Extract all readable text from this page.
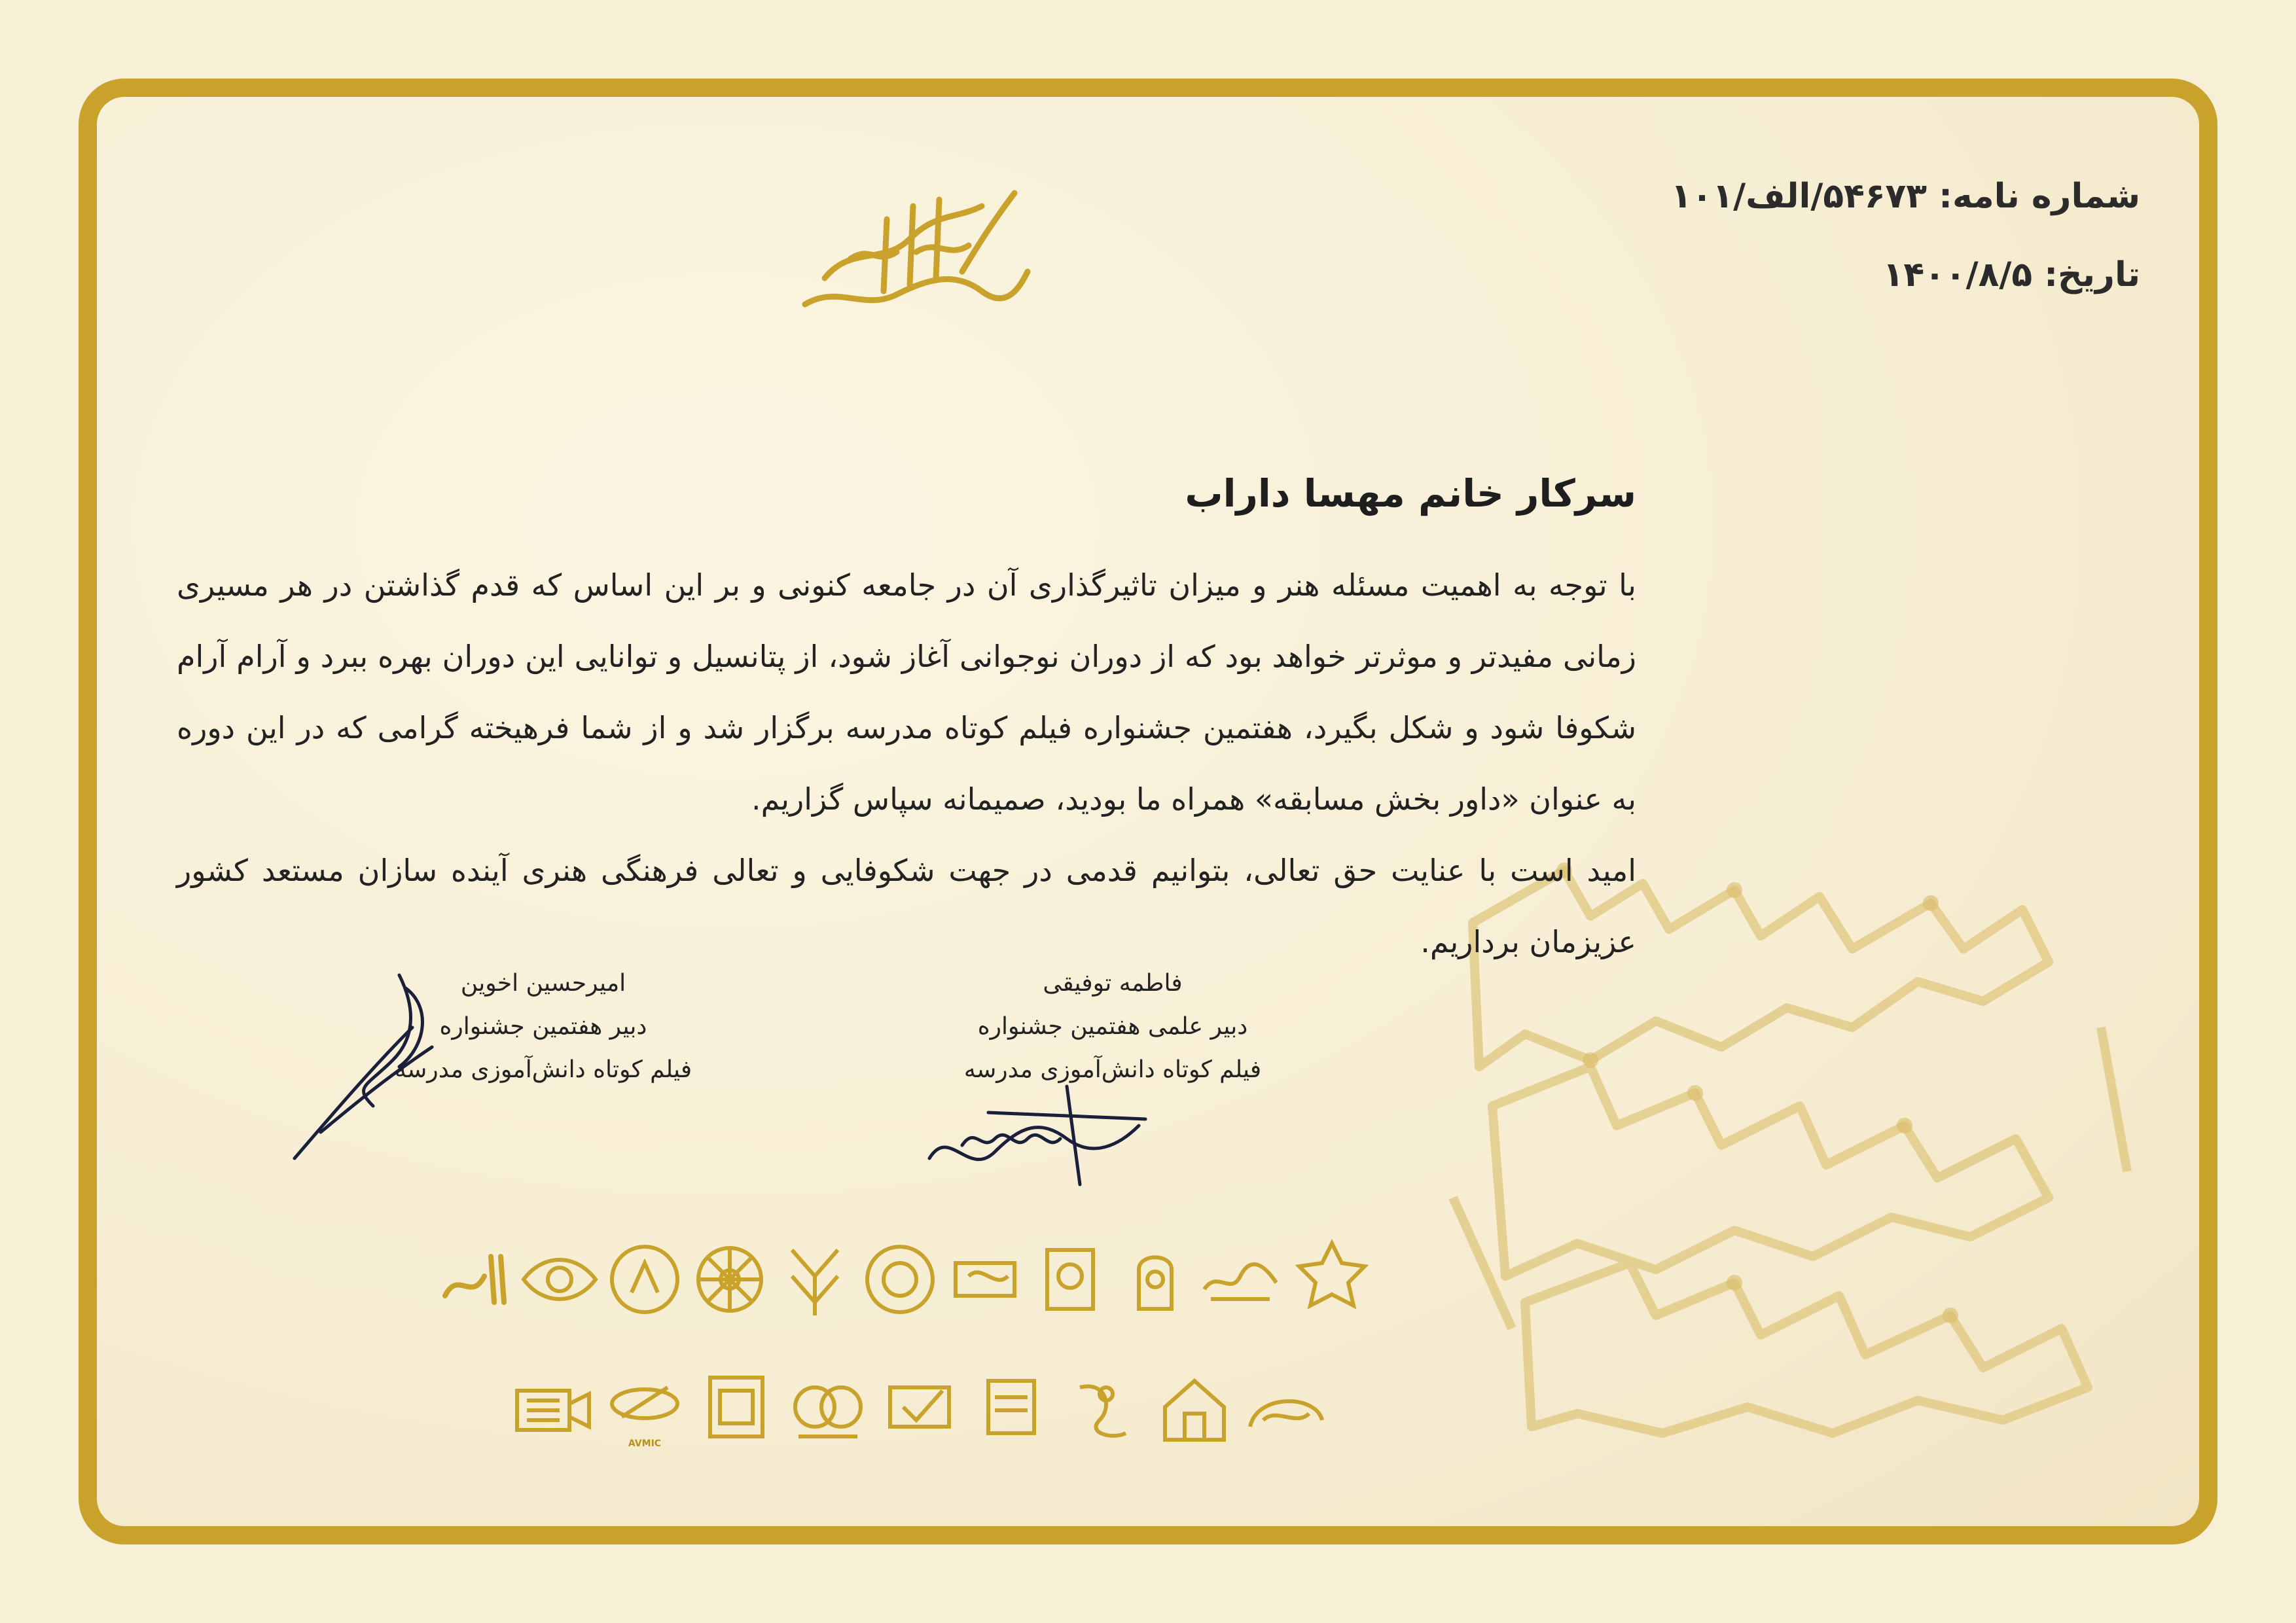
شماره نامه: ۵۴۶۷۳/الف/۱۰۱
تاریخ: ۱۴۰۰/۸/۵
سرکار خانم مهسا داراب

با توجه به اهمیت مسئله هنر و میزان تاثیرگذاری آن در جامعه کنونی و بر این اساس که قدم گذاشتن در هر مسیری زمانی مفیدتر و موثرتر خواهد بود که از دوران نوجوانی آغاز شود، از پتانسیل و توانایی این دوران بهره ببرد و آرام آرام شکوفا شود و شکل بگیرد، هفتمین جشنواره فیلم کوتاه مدرسه برگزار شد و از شما فرهیخته گرامی که در این دوره به عنوان «داور بخش مسابقه» همراه ما بودید، صمیمانه سپاس گزاریم.

امید است با عنایت حق تعالی، بتوانیم قدمی در جهت شکوفایی و تعالی فرهنگی هنری آینده سازان مستعد کشور عزیزمان برداریم.

فاطمه توفیقی
دبیر علمی هفتمین جشنواره
فیلم کوتاه دانش‌آموزی مدرسه
امیرحسین اخوین
دبیر هفتمین جشنواره
فیلم کوتاه دانش‌آموزی مدرسه
AVMIC
